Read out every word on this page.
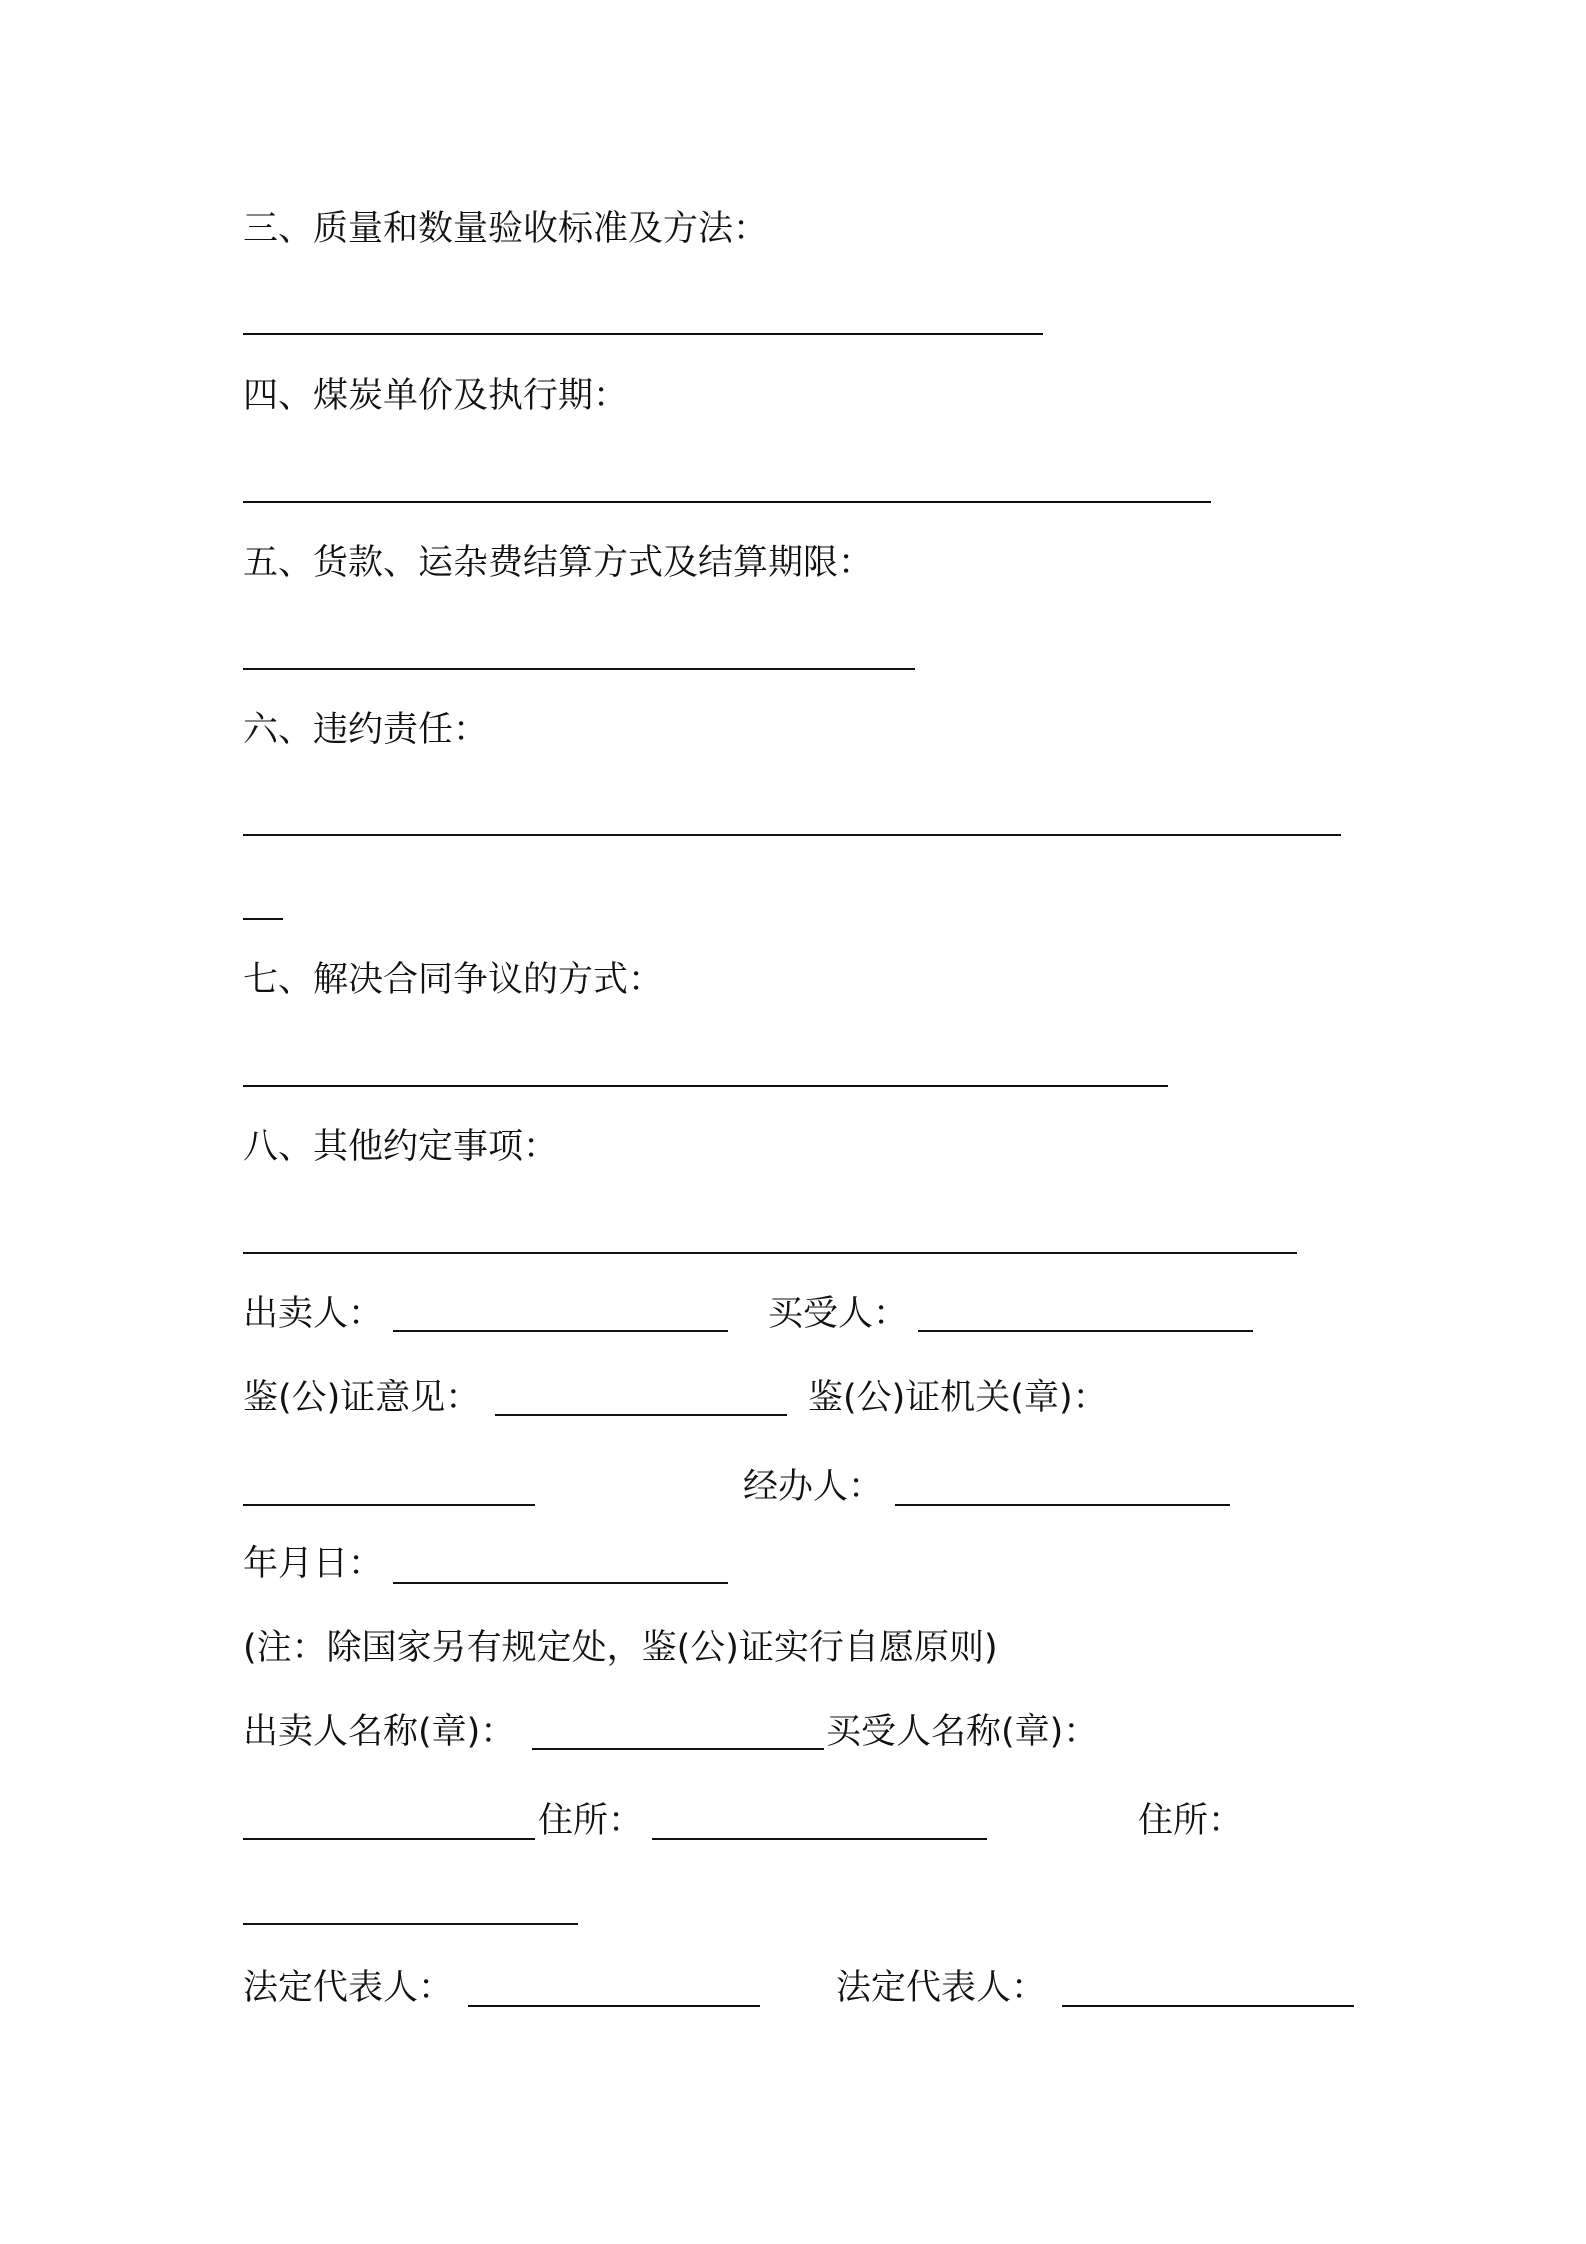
三、质量和数量验收标准及方法：
四、煤炭单价及执行期：
五、货款、运杂费结算方式及结算期限：
六、违约责任：
七、解决合同争议的方式：
八、其他约定事项：
出卖人：	买受人：
鉴(公)证意见：	鉴(公)证机关(章)：
经办人：
年月日：
(注：除国家另有规定处，鉴(公)证实行自愿原则)
出卖人名称(章)：	买受人名称(章)：
住所：	住所：
法定代表人：	法定代表人：
